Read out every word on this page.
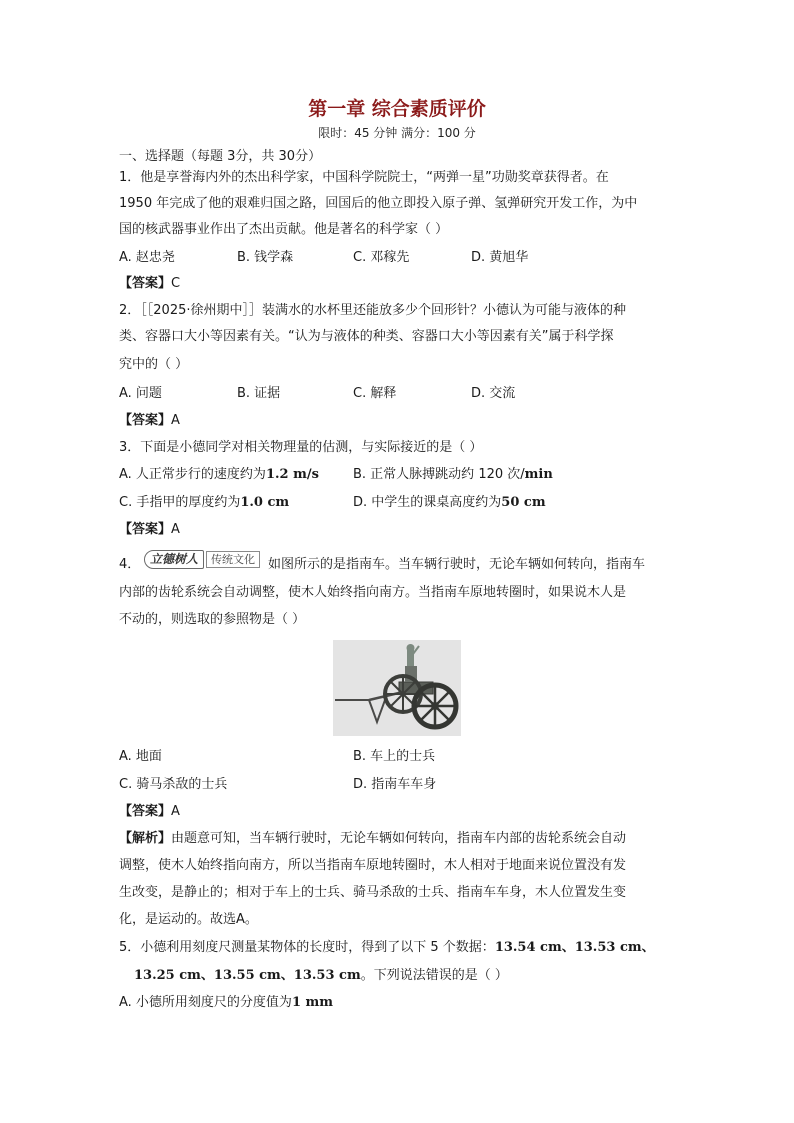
第一章 综合素质评价
限时：45 分钟 满分：100 分
一、选择题（每题 3分，共 30分）
1．他是享誉海内外的杰出科学家，中国科学院院士，“两弹一星”功勋奖章获得者。在
1950 年完成了他的艰难归国之路，回国后的他立即投入原子弹、氢弹研究开发工作，为中
国的核武器事业作出了杰出贡献。他是著名的科学家（ ）
A. 赵忠尧	B. 钱学森	C. 邓稼先	D. 黄旭华
【答案】C
2．［［2025·徐州期中］］装满水的水杯里还能放多少个回形针？小德认为可能与液体的种
类、容器口大小等因素有关。“认为与液体的种类、容器口大小等因素有关”属于科学探
究中的（ ）
A. 问题	B. 证据	C. 解释	D. 交流
【答案】A
3．下面是小德同学对相关物理量的估测，与实际接近的是（ ）
A. 人正常步行的速度约为1.2 m/s	B. 正常人脉搏跳动约 120 次/min
C. 手指甲的厚度约为1.0 cm	D. 中学生的课桌高度约为50 cm
【答案】A
4． 立德树人	传统文化 如图所示的是指南车。当车辆行驶时，无论车辆如何转向，指南车
内部的齿轮系统会自动调整，使木人始终指向南方。当指南车原地转圈时，如果说木人是
不动的，则选取的参照物是（ ）
A. 地面	B. 车上的士兵
C. 骑马杀敌的士兵	D. 指南车车身
【答案】A
【解析】由题意可知，当车辆行驶时，无论车辆如何转向，指南车内部的齿轮系统会自动
调整，使木人始终指向南方，所以当指南车原地转圈时，木人相对于地面来说位置没有发
生改变，是静止的；相对于车上的士兵、骑马杀敌的士兵、指南车车身，木人位置发生变
化，是运动的。故选A。
5．小德利用刻度尺测量某物体的长度时，得到了以下 5 个数据：13.54 cm、13.53 cm、
13.25 cm、13.55 cm、13.53 cm。下列说法错误的是（ ）
A. 小德所用刻度尺的分度值为1 mm
